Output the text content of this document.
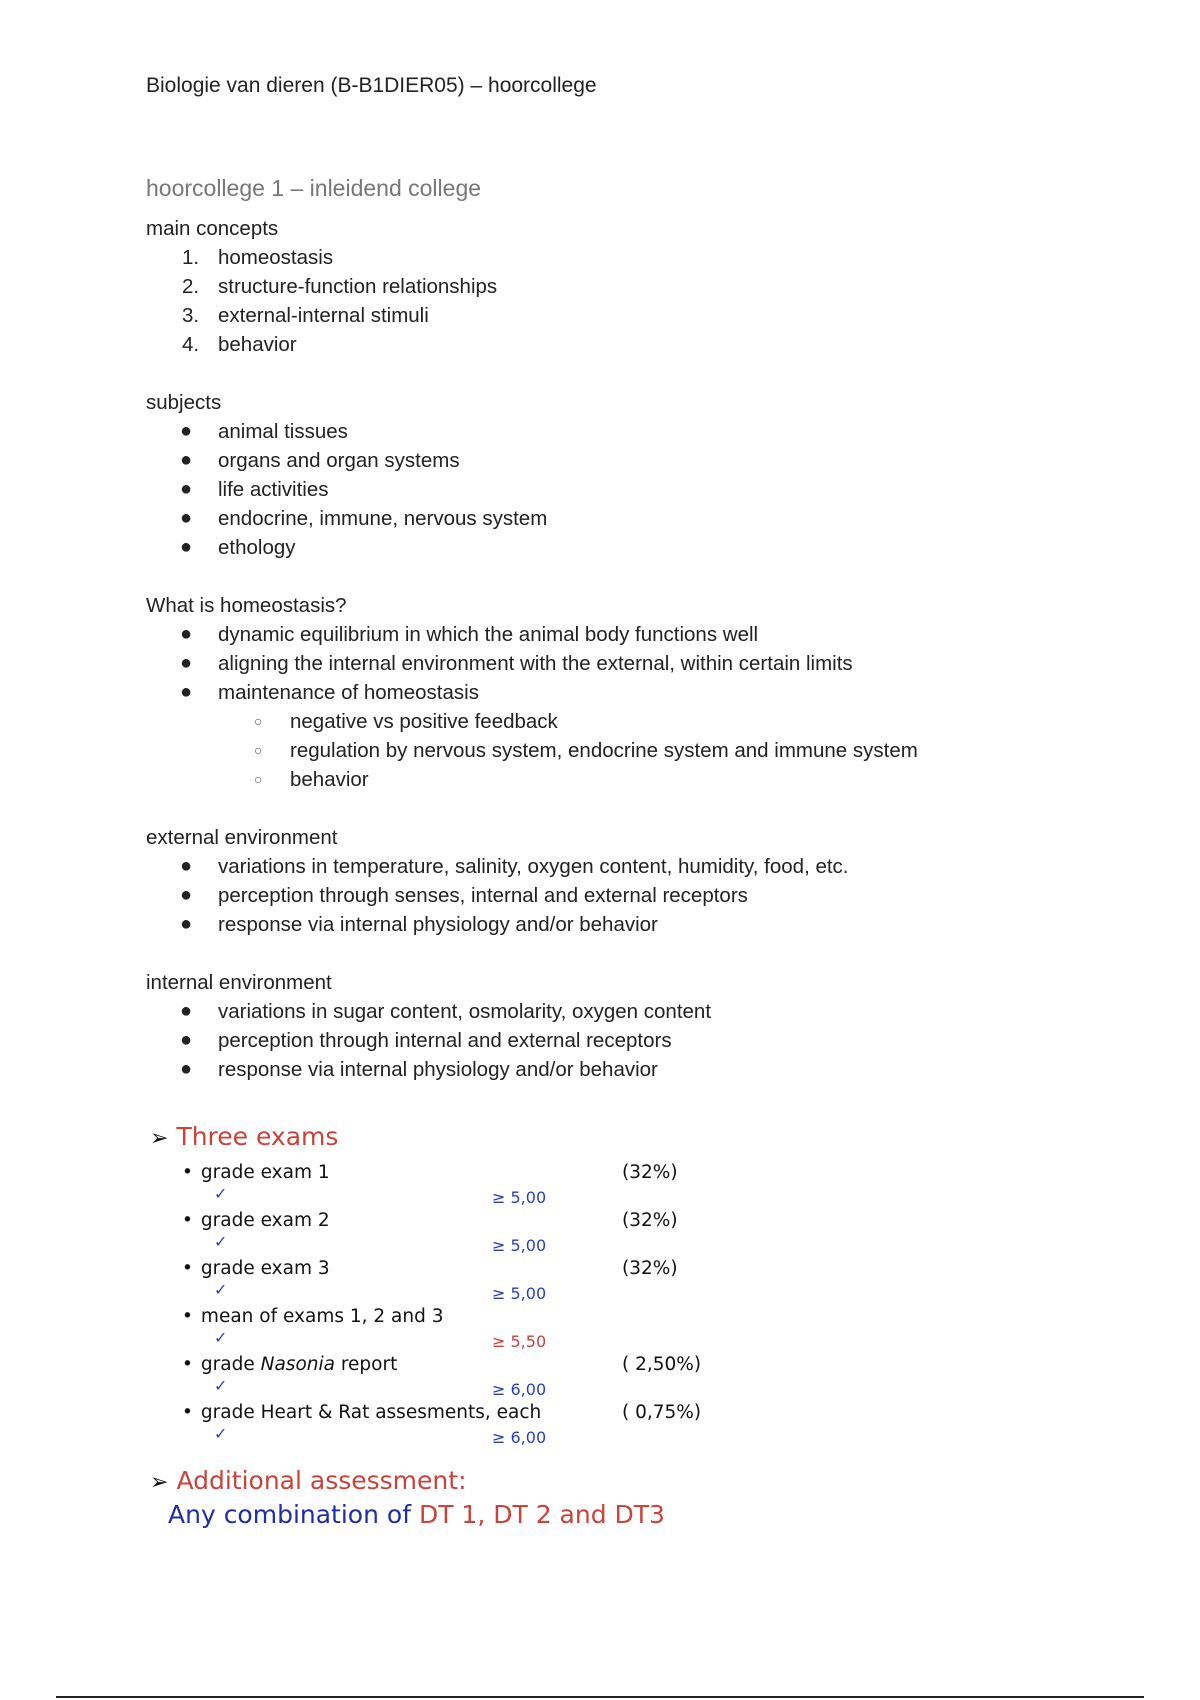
Biologie van dieren (B-B1DIER05) – hoorcollege
hoorcollege 1 – inleidend college

main concepts

1. homeostasis
2. structure-function relationships
3. external-internal stimuli
4. behavior

subjects

● animal tissues
● organs and organ systems
● life activities
● endocrine, immune, nervous system
● ethology

What is homeostasis?

● dynamic equilibrium in which the animal body functions well
● aligning the internal environment with the external, within certain limits
● maintenance of homeostasis
○ negative vs positive feedback
○ regulation by nervous system, endocrine system and immune system
○ behavior

external environment

● variations in temperature, salinity, oxygen content, humidity, food, etc.
● perception through senses, internal and external receptors
● response via internal physiology and/or behavior

internal environment

● variations in sugar content, osmolarity, oxygen content
● perception through internal and external receptors
● response via internal physiology and/or behavior
➢ Three exams
• grade exam 1	(32%)
✓	≥ 5,00
• grade exam 2	(32%)
✓	≥ 5,00
• grade exam 3	(32%)
✓	≥ 5,00
• mean of exams 1, 2 and 3
✓	≥ 5,50
• grade Nasonia report	( 2,50%)
✓	≥ 6,00
• grade Heart & Rat assesments, each	( 0,75%)
✓	≥ 6,00
➢ Additional assessment:
Any combination of DT 1, DT 2 and DT3
